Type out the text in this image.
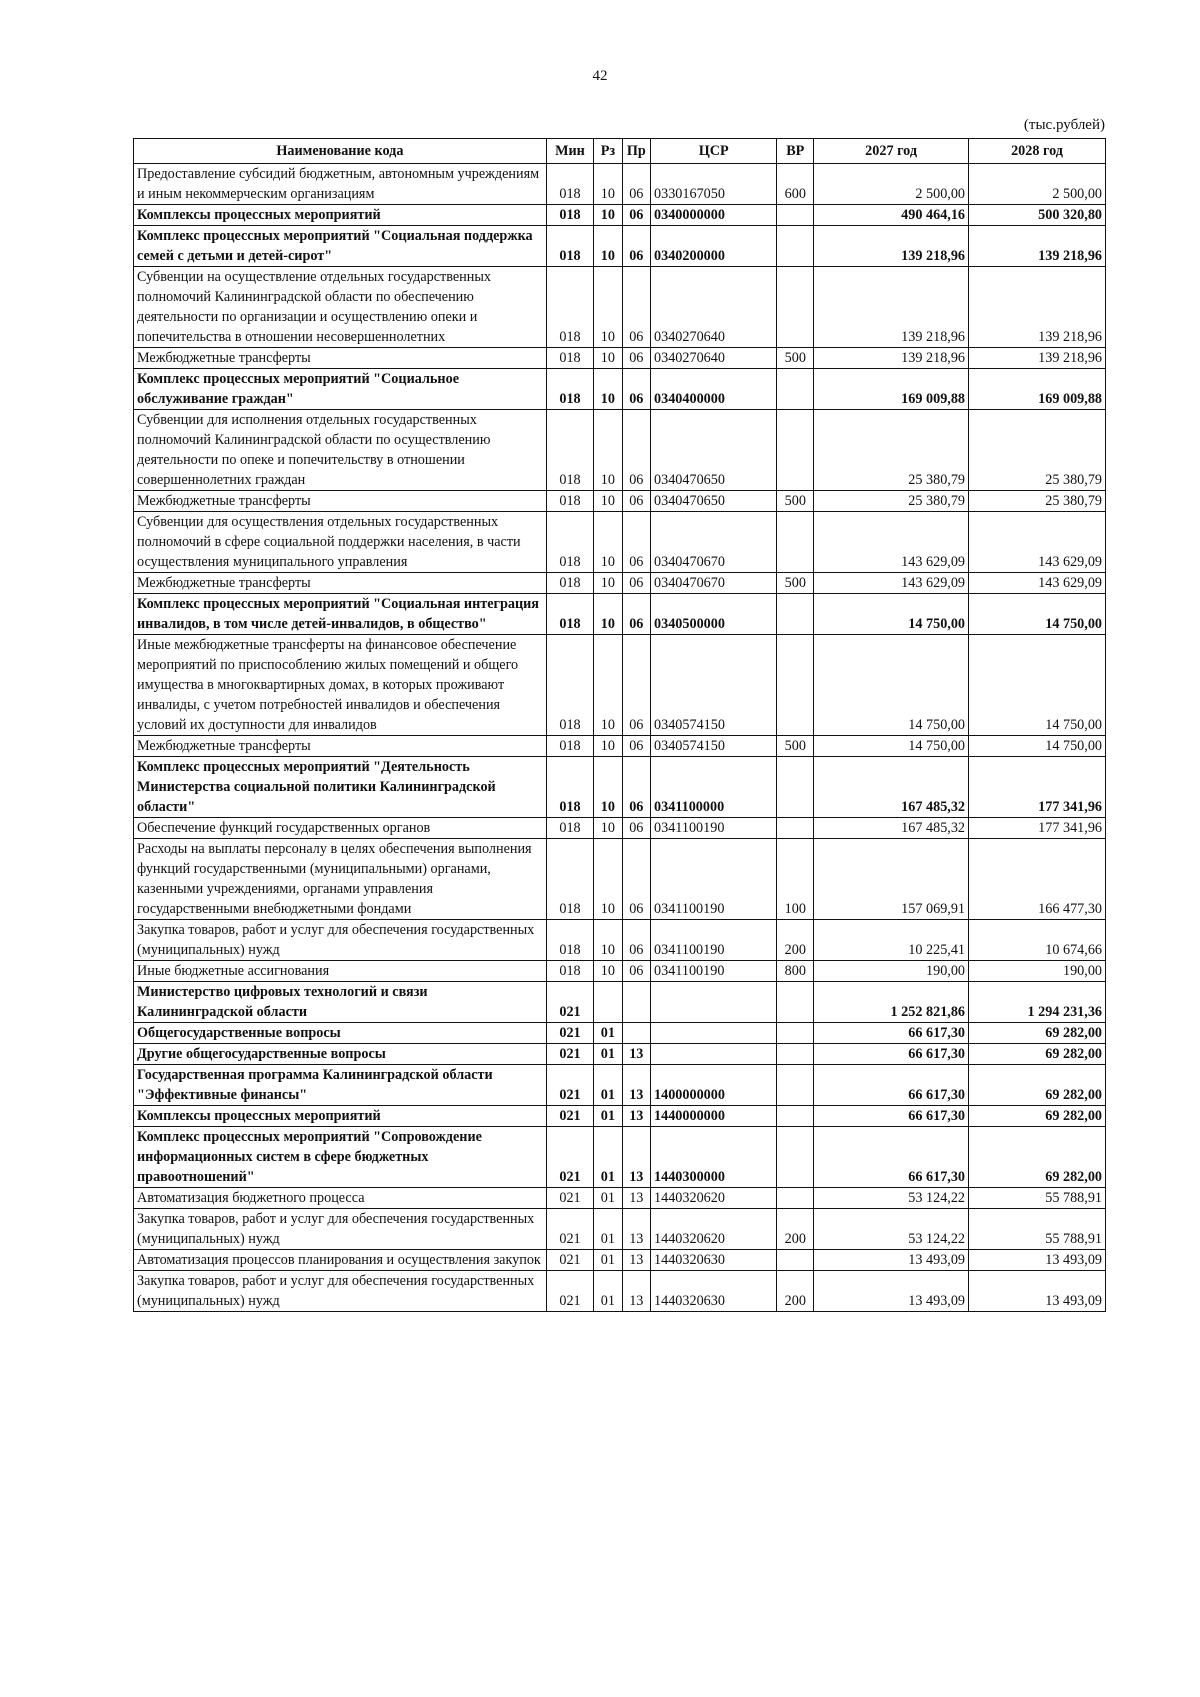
42
(тыс.рублей)
Наименование кода	Мин	Рз	Пр	ЦСР	ВР	2027 год	2028 год
Предоставление субсидий бюджетным, автономным учреждениям и иным некоммерческим организациям	018	10	06	0330167050	600	2 500,00	2 500,00
Комплексы процессных мероприятий	018	10	06	0340000000		490 464,16	500 320,80
Комплекс процессных мероприятий "Социальная поддержка семей с детьми и детей-сирот"	018	10	06	0340200000		139 218,96	139 218,96
Субвенции на осуществление отдельных государственных полномочий Калининградской области по обеспечению деятельности по организации и осуществлению опеки и попечительства в отношении несовершеннолетних	018	10	06	0340270640		139 218,96	139 218,96
Межбюджетные трансферты	018	10	06	0340270640	500	139 218,96	139 218,96
Комплекс процессных мероприятий "Социальное обслуживание граждан"	018	10	06	0340400000		169 009,88	169 009,88
Субвенции для исполнения отдельных государственных полномочий Калининградской области по осуществлению деятельности по опеке и попечительству в отношении совершеннолетних граждан	018	10	06	0340470650		25 380,79	25 380,79
Межбюджетные трансферты	018	10	06	0340470650	500	25 380,79	25 380,79
Субвенции для осуществления отдельных государственных полномочий в сфере социальной поддержки населения, в части осуществления муниципального управления	018	10	06	0340470670		143 629,09	143 629,09
Межбюджетные трансферты	018	10	06	0340470670	500	143 629,09	143 629,09
Комплекс процессных мероприятий "Социальная интеграция инвалидов, в том числе детей-инвалидов, в общество"	018	10	06	0340500000		14 750,00	14 750,00
Иные межбюджетные трансферты на финансовое обеспечение мероприятий по приспособлению жилых помещений и общего имущества в многоквартирных домах, в которых проживают инвалиды, с учетом потребностей инвалидов и обеспечения условий их доступности для инвалидов	018	10	06	0340574150		14 750,00	14 750,00
Межбюджетные трансферты	018	10	06	0340574150	500	14 750,00	14 750,00
Комплекс процессных мероприятий "Деятельность Министерства социальной политики Калининградской области"	018	10	06	0341100000		167 485,32	177 341,96
Обеспечение функций государственных органов	018	10	06	0341100190		167 485,32	177 341,96
Расходы на выплаты персоналу в целях обеспечения выполнения функций государственными (муниципальными) органами, казенными учреждениями, органами управления государственными внебюджетными фондами	018	10	06	0341100190	100	157 069,91	166 477,30
Закупка товаров, работ и услуг для обеспечения государственных (муниципальных) нужд	018	10	06	0341100190	200	10 225,41	10 674,66
Иные бюджетные ассигнования	018	10	06	0341100190	800	190,00	190,00
Министерство цифровых технологий и связи Калининградской области	021					1 252 821,86	1 294 231,36
Общегосударственные вопросы	021	01				66 617,30	69 282,00
Другие общегосударственные вопросы	021	01	13			66 617,30	69 282,00
Государственная программа Калининградской области "Эффективные финансы"	021	01	13	1400000000		66 617,30	69 282,00
Комплексы процессных мероприятий	021	01	13	1440000000		66 617,30	69 282,00
Комплекс процессных мероприятий "Сопровождение информационных систем в сфере бюджетных правоотношений"	021	01	13	1440300000		66 617,30	69 282,00
Автоматизация бюджетного процесса	021	01	13	1440320620		53 124,22	55 788,91
Закупка товаров, работ и услуг для обеспечения государственных (муниципальных) нужд	021	01	13	1440320620	200	53 124,22	55 788,91
Автоматизация процессов планирования и осуществления закупок	021	01	13	1440320630		13 493,09	13 493,09
Закупка товаров, работ и услуг для обеспечения государственных (муниципальных) нужд	021	01	13	1440320630	200	13 493,09	13 493,09
